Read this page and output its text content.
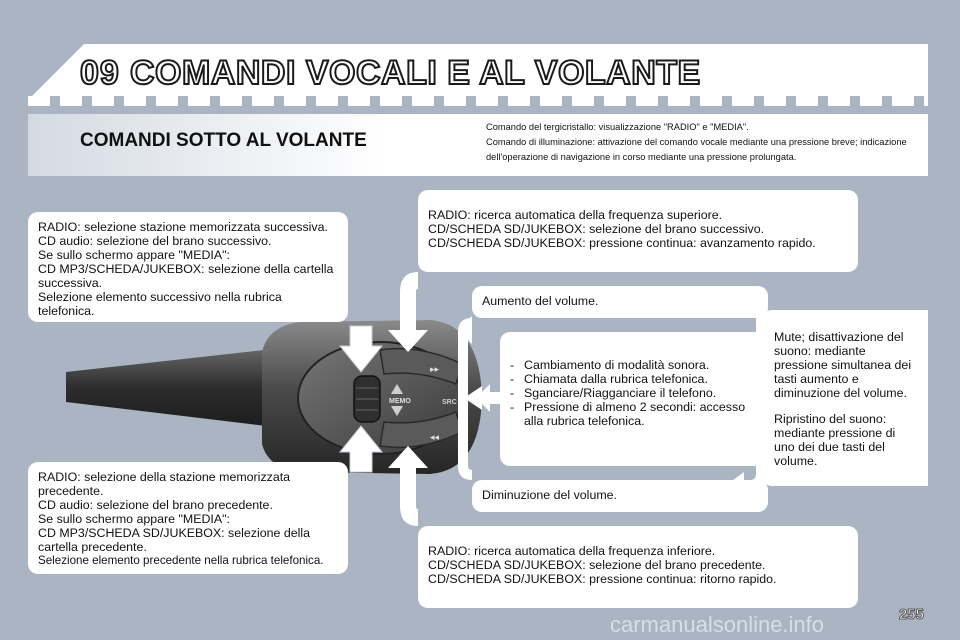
09 COMANDI VOCALI E AL VOLANTE
COMANDI SOTTO AL VOLANTE
Comando del tergicristallo: visualizzazione "RADIO" e "MEDIA".
Comando di illuminazione: attivazione del comando vocale mediante una pressione breve; indicazione dell'operazione di navigazione in corso mediante una pressione prolungata.
MEMO	SRC
▸▸
◂◂

RADIO: selezione stazione memorizzata successiva.

CD audio: selezione del brano successivo.

Se sullo schermo appare "MEDIA":

CD MP3/SCHEDA/JUKEBOX: selezione della cartella successiva.

Selezione elemento successivo nella rubrica telefonica.

RADIO: selezione della stazione memorizzata precedente.

CD audio: selezione del brano precedente.

Se sullo schermo appare "MEDIA":

CD MP3/SCHEDA SD/JUKEBOX: selezione della cartella precedente.

Selezione elemento precedente nella rubrica telefonica.

RADIO: ricerca automatica della frequenza superiore.

CD/SCHEDA SD/JUKEBOX: selezione del brano successivo.

CD/SCHEDA SD/JUKEBOX: pressione continua: avanzamento rapido.

RADIO: ricerca automatica della frequenza inferiore.

CD/SCHEDA SD/JUKEBOX: selezione del brano precedente.

CD/SCHEDA SD/JUKEBOX: pressione continua: ritorno rapido.

Aumento del volume.
Diminuzione del volume.
- Cambiamento di modalità sonora.
- Chiamata dalla rubrica telefonica.
- Sganciare/Riagganciare il telefono.
- Pressione di almeno 2 secondi: accesso alla rubrica telefonica.

Mute; disattivazione del suono: mediante pressione simultanea dei tasti aumento e diminuzione del volume.

Ripristino del suono: mediante pressione di uno dei due tasti del volume.

255
carmanualsonline.info
